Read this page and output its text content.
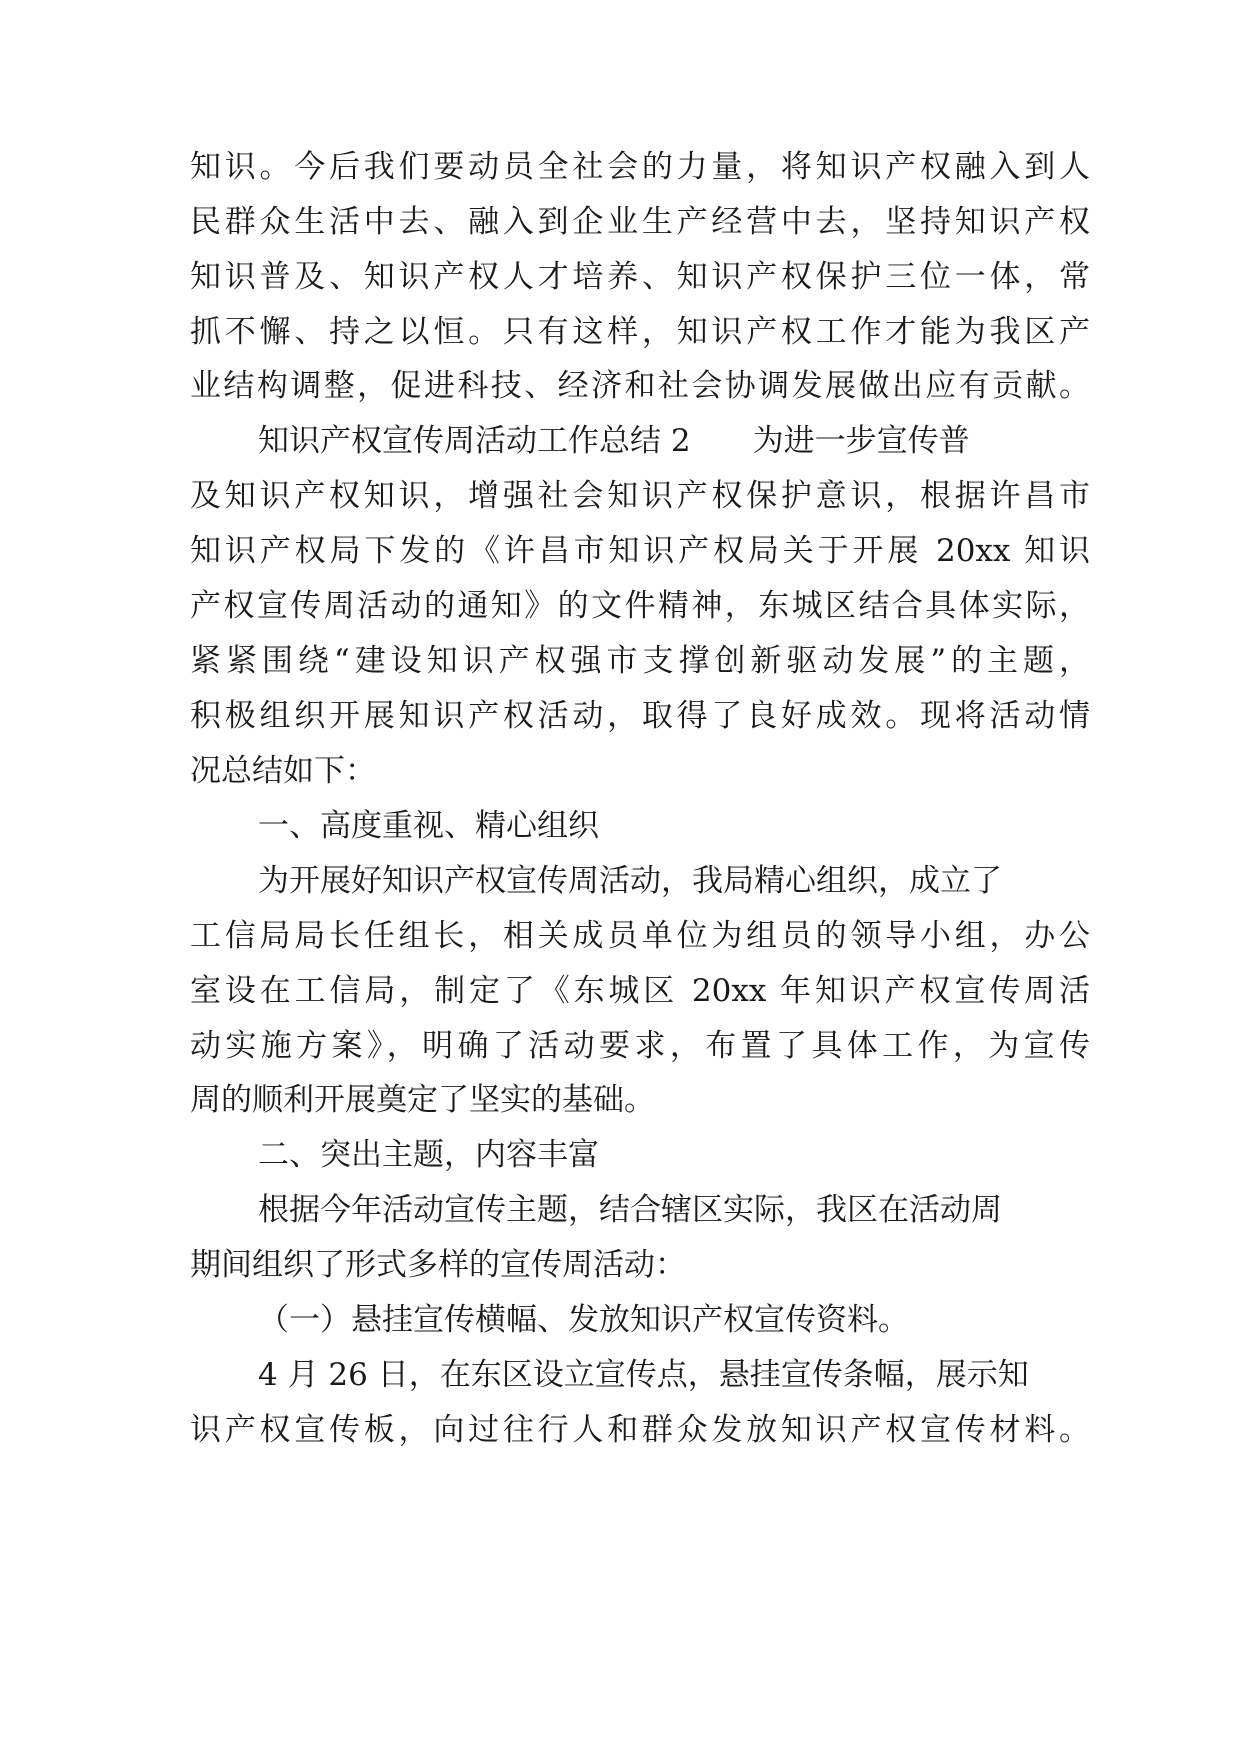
知识。今后我们要动员全社会的力量，将知识产权融入到人
民群众生活中去、融入到企业生产经营中去，坚持知识产权
知识普及、知识产权人才培养、知识产权保护三位一体，常
抓不懈、持之以恒。只有这样，知识产权工作才能为我区产
业结构调整，促进科技、经济和社会协调发展做出应有贡献。
知识产权宣传周活动工作总结 2　　为进一步宣传普
及知识产权知识，增强社会知识产权保护意识，根据许昌市
知识产权局下发的《许昌市知识产权局关于开展 20xx 知识
产权宣传周活动的通知》的文件精神，东城区结合具体实际，
紧紧围绕“建设知识产权强市支撑创新驱动发展”的主题，
积极组织开展知识产权活动，取得了良好成效。现将活动情
况总结如下：
一、高度重视、精心组织
为开展好知识产权宣传周活动，我局精心组织，成立了
工信局局长任组长，相关成员单位为组员的领导小组，办公
室设在工信局，制定了《东城区 20xx 年知识产权宣传周活
动实施方案》，明确了活动要求，布置了具体工作，为宣传
周的顺利开展奠定了坚实的基础。
二、突出主题，内容丰富
根据今年活动宣传主题，结合辖区实际，我区在活动周
期间组织了形式多样的宣传周活动：
（一）悬挂宣传横幅、发放知识产权宣传资料。
4 月 26 日，在东区设立宣传点，悬挂宣传条幅，展示知
识产权宣传板，向过往行人和群众发放知识产权宣传材料。
